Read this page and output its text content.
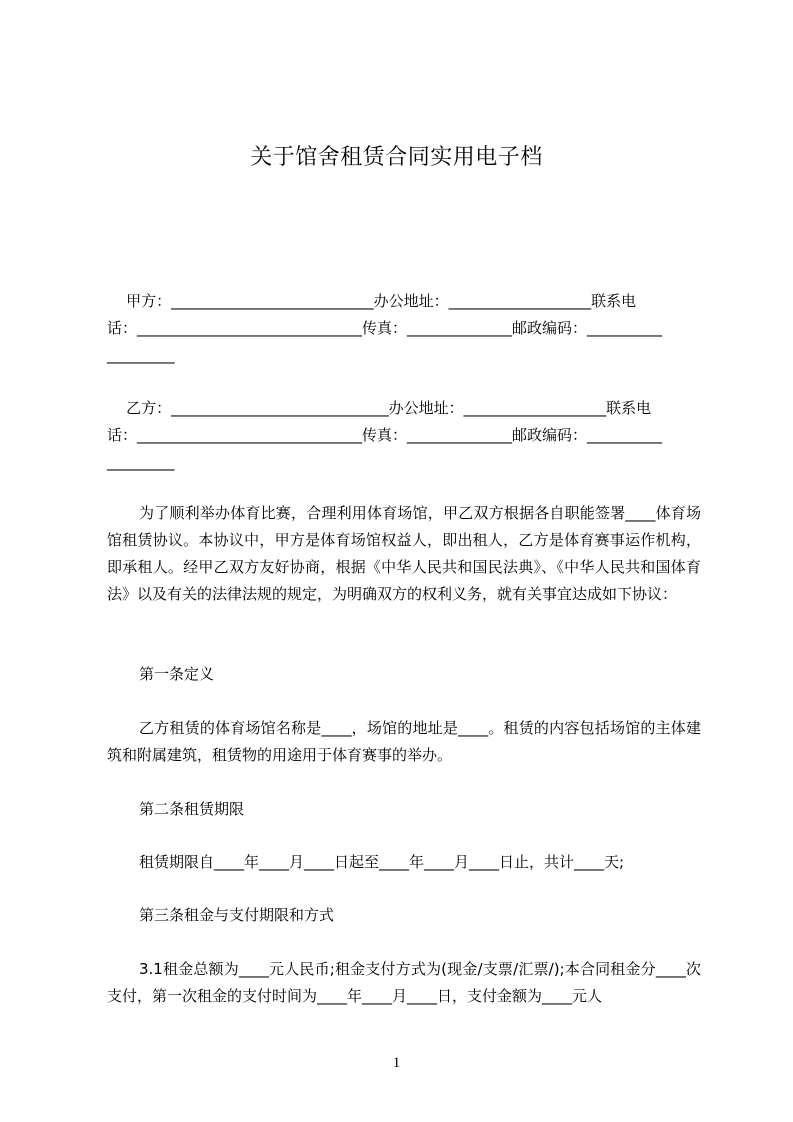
关于馆舍租赁合同实用电子档
甲方：___________________________办公地址：___________________联系电
话：______________________________传真：______________邮政编码：__________
_________
乙方：_____________________________办公地址：___________________联系电
话：______________________________传真：______________邮政编码：__________
_________
为了顺利举办体育比赛，合理利用体育场馆，甲乙双方根据各自职能签署____体育场馆租赁协议。本协议中，甲方是体育场馆权益人，即出租人，乙方是体育赛事运作机构，即承租人。经甲乙双方友好协商，根据《中华人民共和国民法典》、《中华人民共和国体育法》以及有关的法律法规的规定，为明确双方的权利义务，就有关事宜达成如下协议：
第一条定义
乙方租赁的体育场馆名称是____，场馆的地址是____。租赁的内容包括场馆的主体建筑和附属建筑，租赁物的用途用于体育赛事的举办。
第二条租赁期限
租赁期限自____年____月____日起至____年____月____日止，共计____天;
第三条租金与支付期限和方式
3.1租金总额为____元人民币;租金支付方式为(现金/支票/汇票/);本合同租金分____次支付，第一次租金的支付时间为____年____月____日，支付金额为____元人
1
